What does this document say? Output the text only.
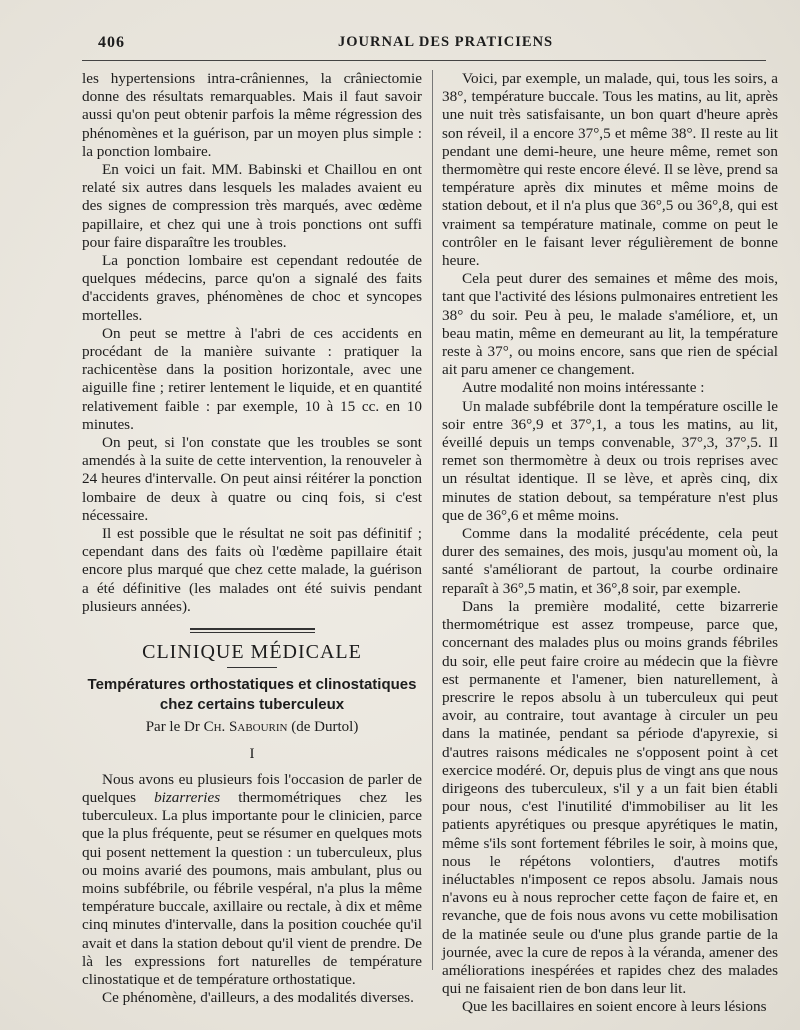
406	JOURNAL DES PRATICIENS

les hypertensions intra-crâniennes, la crâniectomie donne des résultats remarquables. Mais il faut savoir aussi qu'on peut obtenir parfois la même régression des phénomènes et la guérison, par un moyen plus simple : la ponction lombaire.

En voici un fait. MM. Babinski et Chaillou en ont relaté six autres dans lesquels les malades avaient eu des signes de compression très marqués, avec œdème papillaire, et chez qui une à trois ponctions ont suffi pour faire disparaître les troubles.

La ponction lombaire est cependant redoutée de quelques médecins, parce qu'on a signalé des faits d'accidents graves, phénomènes de choc et syncopes mortelles.

On peut se mettre à l'abri de ces accidents en procédant de la manière suivante : pratiquer la rachicentèse dans la position horizontale, avec une aiguille fine ; retirer lentement le liquide, et en quantité relativement faible : par exemple, 10 à 15 cc. en 10 minutes.

On peut, si l'on constate que les troubles se sont amendés à la suite de cette intervention, la renouveler à 24 heures d'intervalle. On peut ainsi réitérer la ponction lombaire de deux à quatre ou cinq fois, si c'est nécessaire.

Il est possible que le résultat ne soit pas définitif ; cependant dans des faits où l'œdème papillaire était encore plus marqué que chez cette malade, la guérison a été définitive (les malades ont été suivis pendant plusieurs années).

CLINIQUE MÉDICALE
Températures orthostatiques et clinostatiques
chez certains tuberculeux
Par le Dr Ch. Sabourin (de Durtol)
I

Nous avons eu plusieurs fois l'occasion de parler de quelques bizarreries thermométriques chez les tuberculeux. La plus importante pour le clinicien, parce que la plus fréquente, peut se résumer en quelques mots qui posent nettement la question : un tuberculeux, plus ou moins avarié des poumons, mais ambulant, plus ou moins subfébrile, ou fébrile vespéral, n'a plus la même température buccale, axillaire ou rectale, à dix et même cinq minutes d'intervalle, dans la position couchée qu'il avait et dans la station debout qu'il vient de prendre. De là les expressions fort naturelles de température clinostatique et de température orthostatique.

Ce phénomène, d'ailleurs, a des modalités diverses.

Voici, par exemple, un malade, qui, tous les soirs, a 38°, température buccale. Tous les matins, au lit, après une nuit très satisfaisante, un bon quart d'heure après son réveil, il a encore 37°,5 et même 38°. Il reste au lit pendant une demi-heure, une heure même, remet son thermomètre qui reste encore élevé. Il se lève, prend sa température après dix minutes et même moins de station debout, et il n'a plus que 36°,5 ou 36°,8, qui est vraiment sa température matinale, comme on peut le contrôler en le faisant lever régulièrement de bonne heure.

Cela peut durer des semaines et même des mois, tant que l'activité des lésions pulmonaires entretient les 38° du soir. Peu à peu, le malade s'améliore, et, un beau matin, même en demeurant au lit, la température reste à 37°, ou moins encore, sans que rien de spécial ait paru amener ce changement.

Autre modalité non moins intéressante :

Un malade subfébrile dont la température oscille le soir entre 36°,9 et 37°,1, a tous les matins, au lit, éveillé depuis un temps convenable, 37°,3, 37°,5. Il remet son thermomètre à deux ou trois reprises avec un résultat identique. Il se lève, et après cinq, dix minutes de station debout, sa température n'est plus que de 36°,6 et même moins.

Comme dans la modalité précédente, cela peut durer des semaines, des mois, jusqu'au moment où, la santé s'améliorant de partout, la courbe ordinaire reparaît à 36°,5 matin, et 36°,8 soir, par exemple.

Dans la première modalité, cette bizarrerie thermométrique est assez trompeuse, parce que, concernant des malades plus ou moins grands fébriles du soir, elle peut faire croire au médecin que la fièvre est permanente et l'amener, bien naturellement, à prescrire le repos absolu à un tuberculeux qui peut avoir, au contraire, tout avantage à circuler un peu dans la matinée, pendant sa période d'apyrexie, si d'autres raisons médicales ne s'opposent point à cet exercice modéré. Or, depuis plus de vingt ans que nous dirigeons des tuberculeux, s'il y a un fait bien établi pour nous, c'est l'inutilité d'immobiliser au lit les patients apyrétiques ou presque apyrétiques le matin, même s'ils sont fortement fébriles le soir, à moins que, nous le répétons volontiers, d'autres motifs inéluctables n'imposent ce repos absolu. Jamais nous n'avons eu à nous reprocher cette façon de faire et, en revanche, que de fois nous avons vu cette mobilisation de la matinée seule ou d'une plus grande partie de la journée, avec la cure de repos à la véranda, amener des améliorations inespérées et rapides chez des malades qui ne faisaient rien de bon dans leur lit.

Que les bacillaires en soient encore à leurs lésions
